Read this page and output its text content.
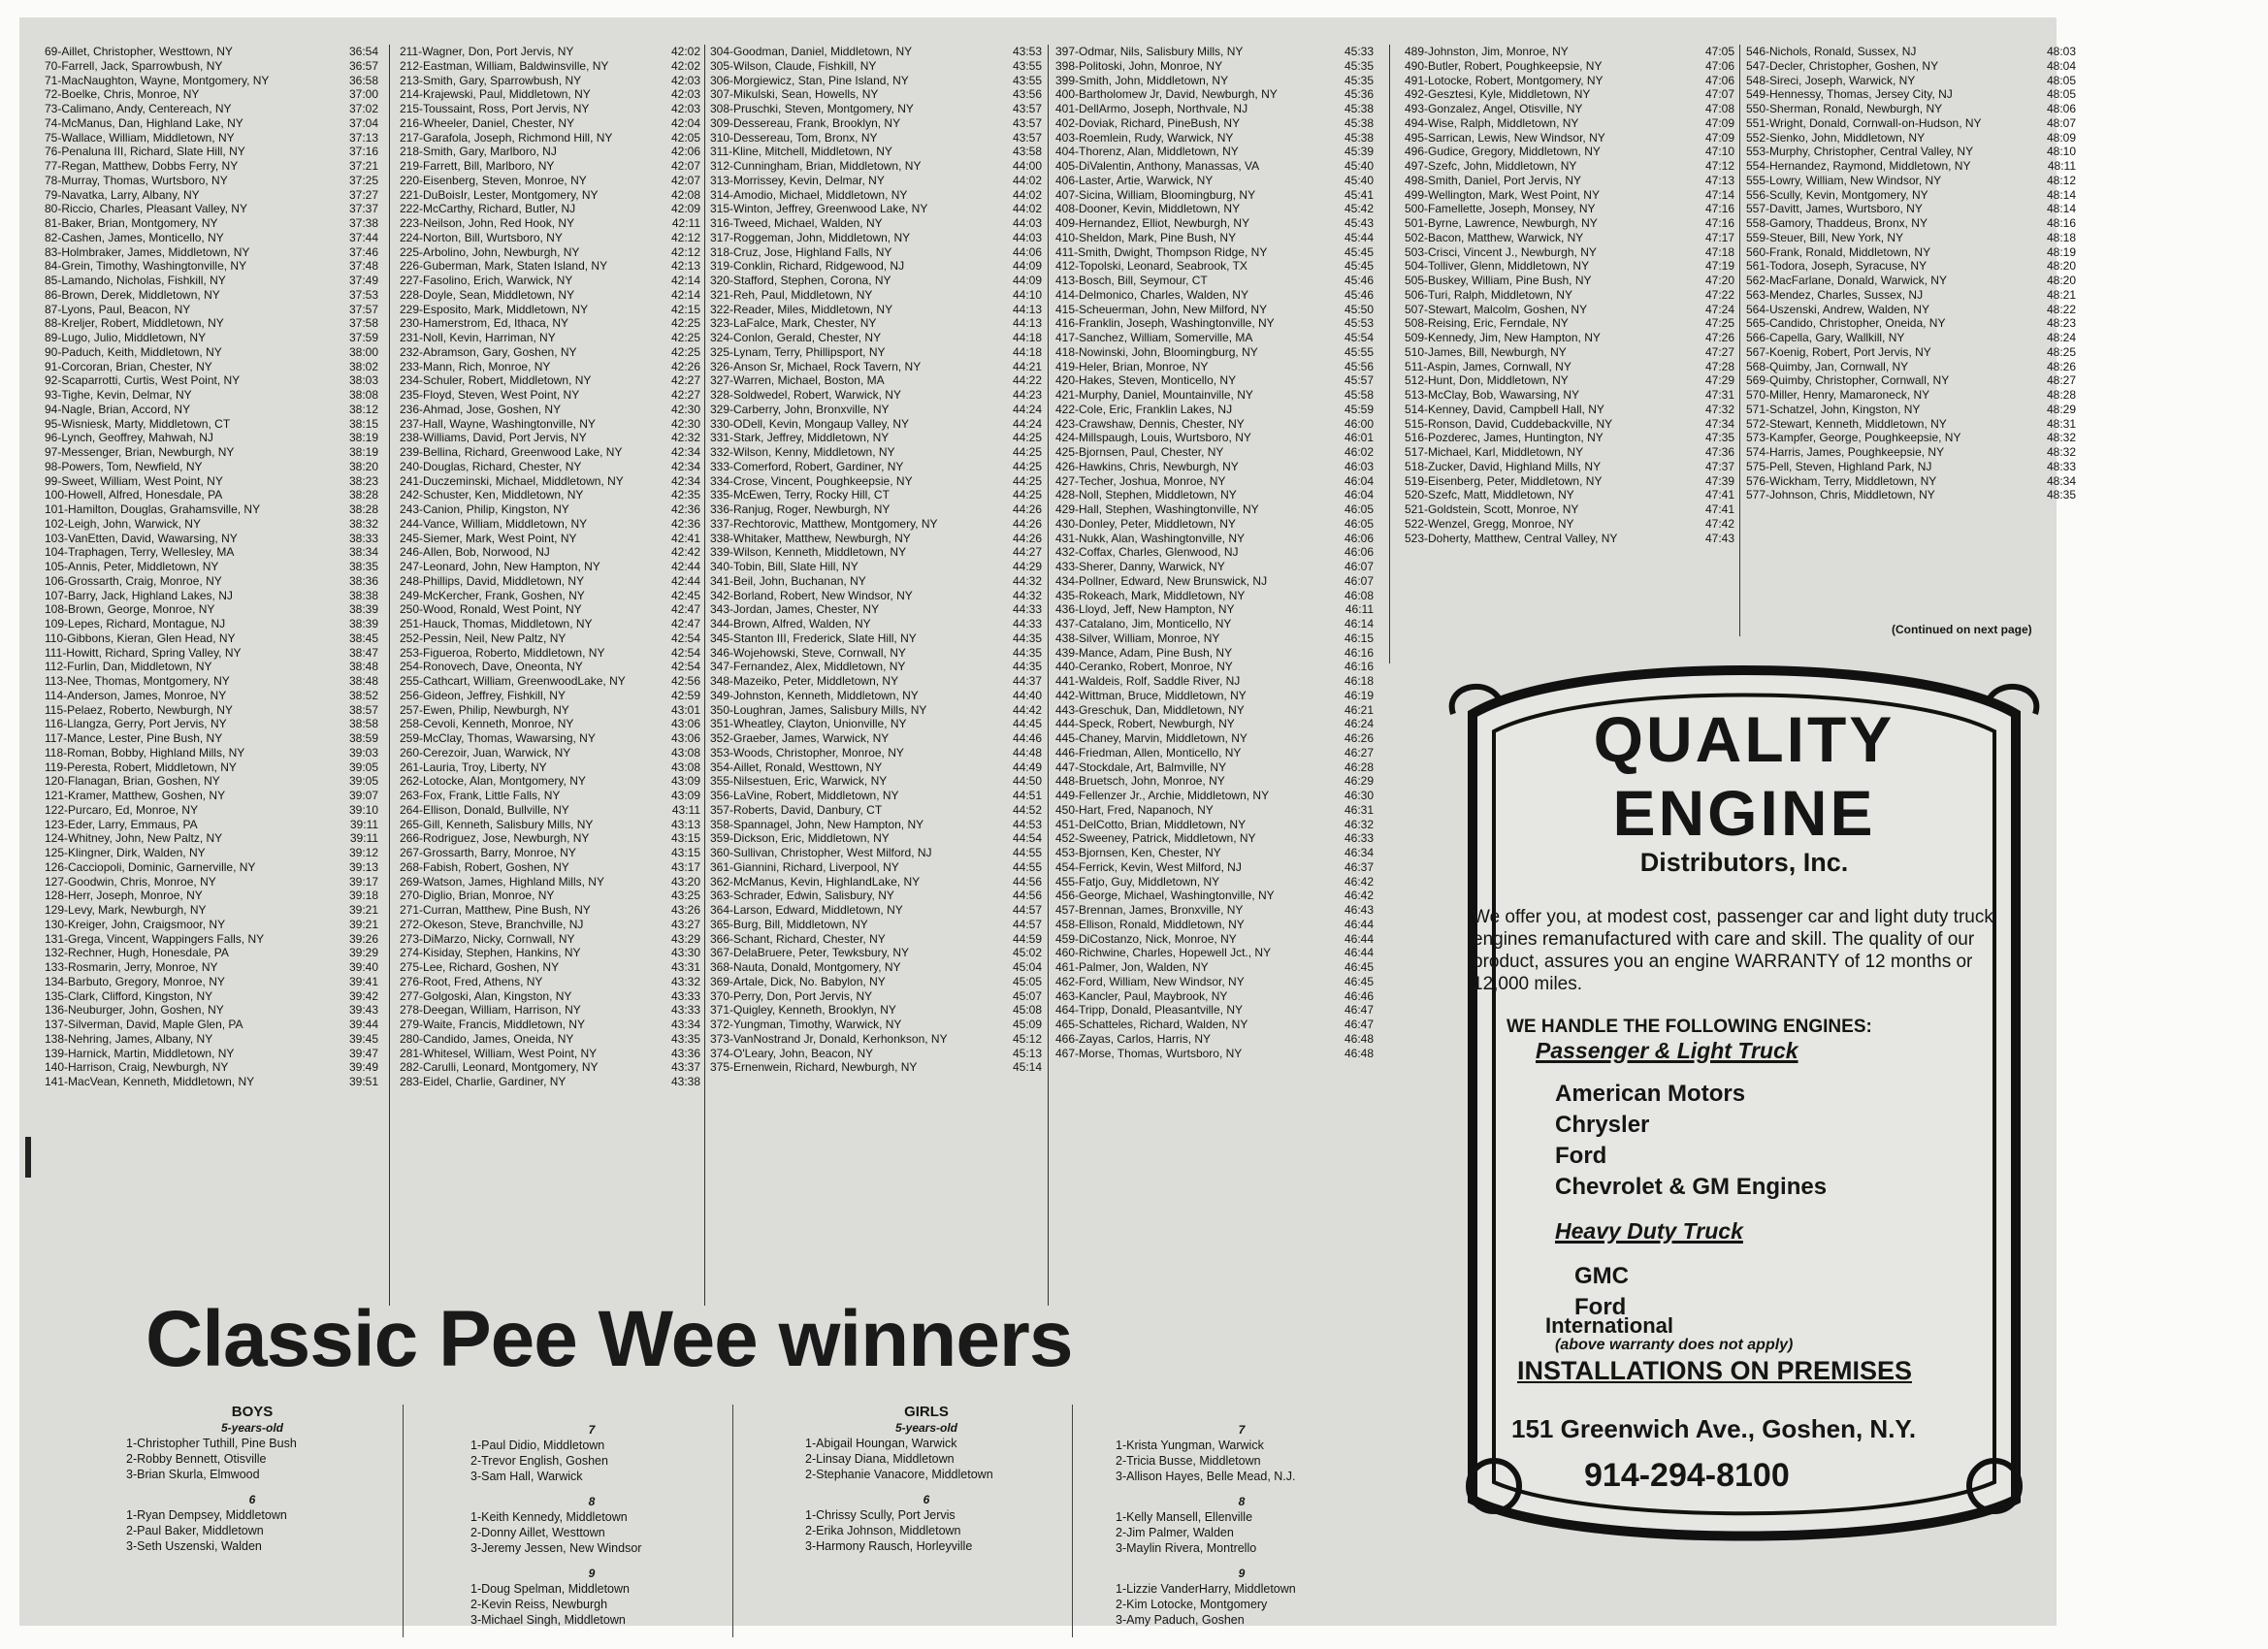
69-Aillet, Christopher, Westtown, NY	36:54
70-Farrell, Jack, Sparrowbush, NY	36:57
71-MacNaughton, Wayne, Montgomery, NY	36:58
72-Boelke, Chris, Monroe, NY	37:00
73-Calimano, Andy, Centereach, NY	37:02
74-McManus, Dan, Highland Lake, NY	37:04
75-Wallace, William, Middletown, NY	37:13
76-Penaluna III, Richard, Slate Hill, NY	37:16
77-Regan, Matthew, Dobbs Ferry, NY	37:21
78-Murray, Thomas, Wurtsboro, NY	37:25
79-Navatka, Larry, Albany, NY	37:27
80-Riccio, Charles, Pleasant Valley, NY	37:37
81-Baker, Brian, Montgomery, NY	37:38
82-Cashen, James, Monticello, NY	37:44
83-Holmbraker, James, Middletown, NY	37:46
84-Grein, Timothy, Washingtonville, NY	37:48
85-Lamando, Nicholas, Fishkill, NY	37:49
86-Brown, Derek, Middletown, NY	37:53
87-Lyons, Paul, Beacon, NY	37:57
88-Kreljer, Robert, Middletown, NY	37:58
89-Lugo, Julio, Middletown, NY	37:59
90-Paduch, Keith, Middletown, NY	38:00
91-Corcoran, Brian, Chester, NY	38:02
92-Scaparrotti, Curtis, West Point, NY	38:03
93-Tighe, Kevin, Delmar, NY	38:08
94-Nagle, Brian, Accord, NY	38:12
95-Wisniesk, Marty, Middletown, CT	38:15
96-Lynch, Geoffrey, Mahwah, NJ	38:19
97-Messenger, Brian, Newburgh, NY	38:19
98-Powers, Tom, Newfield, NY	38:20
99-Sweet, William, West Point, NY	38:23
100-Howell, Alfred, Honesdale, PA	38:28
101-Hamilton, Douglas, Grahamsville, NY	38:28
102-Leigh, John, Warwick, NY	38:32
103-VanEtten, David, Wawarsing, NY	38:33
104-Traphagen, Terry, Wellesley, MA	38:34
105-Annis, Peter, Middletown, NY	38:35
106-Grossarth, Craig, Monroe, NY	38:36
107-Barry, Jack, Highland Lakes, NJ	38:38
108-Brown, George, Monroe, NY	38:39
109-Lepes, Richard, Montague, NJ	38:39
110-Gibbons, Kieran, Glen Head, NY	38:45
111-Howitt, Richard, Spring Valley, NY	38:47
112-Furlin, Dan, Middletown, NY	38:48
113-Nee, Thomas, Montgomery, NY	38:48
114-Anderson, James, Monroe, NY	38:52
115-Pelaez, Roberto, Newburgh, NY	38:57
116-Llangza, Gerry, Port Jervis, NY	38:58
117-Mance, Lester, Pine Bush, NY	38:59
118-Roman, Bobby, Highland Mills, NY	39:03
119-Peresta, Robert, Middletown, NY	39:05
120-Flanagan, Brian, Goshen, NY	39:05
121-Kramer, Matthew, Goshen, NY	39:07
122-Purcaro, Ed, Monroe, NY	39:10
123-Eder, Larry, Emmaus, PA	39:11
124-Whitney, John, New Paltz, NY	39:11
125-Klingner, Dirk, Walden, NY	39:12
126-Cacciopoli, Dominic, Garnerville, NY	39:13
127-Goodwin, Chris, Monroe, NY	39:17
128-Herr, Joseph, Monroe, NY	39:18
129-Levy, Mark, Newburgh, NY	39:21
130-Kreiger, John, Craigsmoor, NY	39:21
131-Grega, Vincent, Wappingers Falls, NY	39:26
132-Rechner, Hugh, Honesdale, PA	39:29
133-Rosmarin, Jerry, Monroe, NY	39:40
134-Barbuto, Gregory, Monroe, NY	39:41
135-Clark, Clifford, Kingston, NY	39:42
136-Neuburger, John, Goshen, NY	39:43
137-Silverman, David, Maple Glen, PA	39:44
138-Nehring, James, Albany, NY	39:45
139-Harnick, Martin, Middletown, NY	39:47
140-Harrison, Craig, Newburgh, NY	39:49
141-MacVean, Kenneth, Middletown, NY	39:51
211-Wagner, Don, Port Jervis, NY	42:02
212-Eastman, William, Baldwinsville, NY	42:02
213-Smith, Gary, Sparrowbush, NY	42:03
214-Krajewski, Paul, Middletown, NY	42:03
215-Toussaint, Ross, Port Jervis, NY	42:03
216-Wheeler, Daniel, Chester, NY	42:04
217-Garafola, Joseph, Richmond Hill, NY	42:05
218-Smith, Gary, Marlboro, NJ	42:06
219-Farrett, Bill, Marlboro, NY	42:07
220-Eisenberg, Steven, Monroe, NY	42:07
221-DuBoisIr, Lester, Montgomery, NY	42:08
222-McCarthy, Richard, Butler, NJ	42:09
223-Neilson, John, Red Hook, NY	42:11
224-Norton, Bill, Wurtsboro, NY	42:12
225-Arbolino, John, Newburgh, NY	42:12
226-Guberman, Mark, Staten Island, NY	42:13
227-Fasolino, Erich, Warwick, NY	42:14
228-Doyle, Sean, Middletown, NY	42:14
229-Esposito, Mark, Middletown, NY	42:15
230-Hamerstrom, Ed, Ithaca, NY	42:25
231-Noll, Kevin, Harriman, NY	42:25
232-Abramson, Gary, Goshen, NY	42:25
233-Mann, Rich, Monroe, NY	42:26
234-Schuler, Robert, Middletown, NY	42:27
235-Floyd, Steven, West Point, NY	42:27
236-Ahmad, Jose, Goshen, NY	42:30
237-Hall, Wayne, Washingtonville, NY	42:30
238-Williams, David, Port Jervis, NY	42:32
239-Bellina, Richard, Greenwood Lake, NY	42:34
240-Douglas, Richard, Chester, NY	42:34
241-Duczeminski, Michael, Middletown, NY	42:34
242-Schuster, Ken, Middletown, NY	42:35
243-Canion, Philip, Kingston, NY	42:36
244-Vance, William, Middletown, NY	42:36
245-Siemer, Mark, West Point, NY	42:41
246-Allen, Bob, Norwood, NJ	42:42
247-Leonard, John, New Hampton, NY	42:44
248-Phillips, David, Middletown, NY	42:44
249-McKercher, Frank, Goshen, NY	42:45
250-Wood, Ronald, West Point, NY	42:47
251-Hauck, Thomas, Middletown, NY	42:47
252-Pessin, Neil, New Paltz, NY	42:54
253-Figueroa, Roberto, Middletown, NY	42:54
254-Ronovech, Dave, Oneonta, NY	42:54
255-Cathcart, William, GreenwoodLake, NY	42:56
256-Gideon, Jeffrey, Fishkill, NY	42:59
257-Ewen, Philip, Newburgh, NY	43:01
258-Cevoli, Kenneth, Monroe, NY	43:06
259-McClay, Thomas, Wawarsing, NY	43:06
260-Cerezoir, Juan, Warwick, NY	43:08
261-Lauria, Troy, Liberty, NY	43:08
262-Lotocke, Alan, Montgomery, NY	43:09
263-Fox, Frank, Little Falls, NY	43:09
264-Ellison, Donald, Bullville, NY	43:11
265-Gill, Kenneth, Salisbury Mills, NY	43:13
266-Rodriguez, Jose, Newburgh, NY	43:15
267-Grossarth, Barry, Monroe, NY	43:15
268-Fabish, Robert, Goshen, NY	43:17
269-Watson, James, Highland Mills, NY	43:20
270-Diglio, Brian, Monroe, NY	43:25
271-Curran, Matthew, Pine Bush, NY	43:26
272-Okeson, Steve, Branchville, NJ	43:27
273-DiMarzo, Nicky, Cornwall, NY	43:29
274-Kisiday, Stephen, Hankins, NY	43:30
275-Lee, Richard, Goshen, NY	43:31
276-Root, Fred, Athens, NY	43:32
277-Golgoski, Alan, Kingston, NY	43:33
278-Deegan, William, Harrison, NY	43:33
279-Waite, Francis, Middletown, NY	43:34
280-Candido, James, Oneida, NY	43:35
281-Whitesel, William, West Point, NY	43:36
282-Carulli, Leonard, Montgomery, NY	43:37
283-Eidel, Charlie, Gardiner, NY	43:38
304-Goodman, Daniel, Middletown, NY	43:53
305-Wilson, Claude, Fishkill, NY	43:55
306-Morgiewicz, Stan, Pine Island, NY	43:55
307-Mikulski, Sean, Howells, NY	43:56
308-Pruschki, Steven, Montgomery, NY	43:57
309-Dessereau, Frank, Brooklyn, NY	43:57
310-Dessereau, Tom, Bronx, NY	43:57
311-Kline, Mitchell, Middletown, NY	43:58
312-Cunningham, Brian, Middletown, NY	44:00
313-Morrissey, Kevin, Delmar, NY	44:02
314-Amodio, Michael, Middletown, NY	44:02
315-Winton, Jeffrey, Greenwood Lake, NY	44:02
316-Tweed, Michael, Walden, NY	44:03
317-Roggeman, John, Middletown, NY	44:03
318-Cruz, Jose, Highland Falls, NY	44:06
319-Conklin, Richard, Ridgewood, NJ	44:09
320-Stafford, Stephen, Corona, NY	44:09
321-Reh, Paul, Middletown, NY	44:10
322-Reader, Miles, Middletown, NY	44:13
323-LaFalce, Mark, Chester, NY	44:13
324-Conlon, Gerald, Chester, NY	44:18
325-Lynam, Terry, Phillipsport, NY	44:18
326-Anson Sr, Michael, Rock Tavern, NY	44:21
327-Warren, Michael, Boston, MA	44:22
328-Soldwedel, Robert, Warwick, NY	44:23
329-Carberry, John, Bronxville, NY	44:24
330-ODell, Kevin, Mongaup Valley, NY	44:24
331-Stark, Jeffrey, Middletown, NY	44:25
332-Wilson, Kenny, Middletown, NY	44:25
333-Comerford, Robert, Gardiner, NY	44:25
334-Crose, Vincent, Poughkeepsie, NY	44:25
335-McEwen, Terry, Rocky Hill, CT	44:25
336-Ranjug, Roger, Newburgh, NY	44:26
337-Rechtorovic, Matthew, Montgomery, NY	44:26
338-Whitaker, Matthew, Newburgh, NY	44:26
339-Wilson, Kenneth, Middletown, NY	44:27
340-Tobin, Bill, Slate Hill, NY	44:29
341-Beil, John, Buchanan, NY	44:32
342-Borland, Robert, New Windsor, NY	44:32
343-Jordan, James, Chester, NY	44:33
344-Brown, Alfred, Walden, NY	44:33
345-Stanton III, Frederick, Slate Hill, NY	44:35
346-Wojehowski, Steve, Cornwall, NY	44:35
347-Fernandez, Alex, Middletown, NY	44:35
348-Mazeiko, Peter, Middletown, NY	44:37
349-Johnston, Kenneth, Middletown, NY	44:40
350-Loughran, James, Salisbury Mills, NY	44:42
351-Wheatley, Clayton, Unionville, NY	44:45
352-Graeber, James, Warwick, NY	44:46
353-Woods, Christopher, Monroe, NY	44:48
354-Aillet, Ronald, Westtown, NY	44:49
355-Nilsestuen, Eric, Warwick, NY	44:50
356-LaVine, Robert, Middletown, NY	44:51
357-Roberts, David, Danbury, CT	44:52
358-Spannagel, John, New Hampton, NY	44:53
359-Dickson, Eric, Middletown, NY	44:54
360-Sullivan, Christopher, West Milford, NJ	44:55
361-Giannini, Richard, Liverpool, NY	44:55
362-McManus, Kevin, HighlandLake, NY	44:56
363-Schrader, Edwin, Salisbury, NY	44:56
364-Larson, Edward, Middletown, NY	44:57
365-Burg, Bill, Middletown, NY	44:57
366-Schant, Richard, Chester, NY	44:59
367-DelaBruere, Peter, Tewksbury, NY	45:02
368-Nauta, Donald, Montgomery, NY	45:04
369-Artale, Dick, No. Babylon, NY	45:05
370-Perry, Don, Port Jervis, NY	45:07
371-Quigley, Kenneth, Brooklyn, NY	45:08
372-Yungman, Timothy, Warwick, NY	45:09
373-VanNostrand Jr, Donald, Kerhonkson, NY	45:12
374-O'Leary, John, Beacon, NY	45:13
375-Ernenwein, Richard, Newburgh, NY	45:14
397-Odmar, Nils, Salisbury Mills, NY	45:33
398-Politoski, John, Monroe, NY	45:35
399-Smith, John, Middletown, NY	45:35
400-Bartholomew Jr, David, Newburgh, NY	45:36
401-DellArmo, Joseph, Northvale, NJ	45:38
402-Doviak, Richard, PineBush, NY	45:38
403-Roemlein, Rudy, Warwick, NY	45:38
404-Thorenz, Alan, Middletown, NY	45:39
405-DiValentin, Anthony, Manassas, VA	45:40
406-Laster, Artie, Warwick, NY	45:40
407-Sicina, William, Bloomingburg, NY	45:41
408-Dooner, Kevin, Middletown, NY	45:42
409-Hernandez, Elliot, Newburgh, NY	45:43
410-Sheldon, Mark, Pine Bush, NY	45:44
411-Smith, Dwight, Thompson Ridge, NY	45:45
412-Topolski, Leonard, Seabrook, TX	45:45
413-Bosch, Bill, Seymour, CT	45:46
414-Delmonico, Charles, Walden, NY	45:46
415-Scheuerman, John, New Milford, NY	45:50
416-Franklin, Joseph, Washingtonville, NY	45:53
417-Sanchez, William, Somerville, MA	45:54
418-Nowinski, John, Bloomingburg, NY	45:55
419-Heler, Brian, Monroe, NY	45:56
420-Hakes, Steven, Monticello, NY	45:57
421-Murphy, Daniel, Mountainville, NY	45:58
422-Cole, Eric, Franklin Lakes, NJ	45:59
423-Crawshaw, Dennis, Chester, NY	46:00
424-Millspaugh, Louis, Wurtsboro, NY	46:01
425-Bjornsen, Paul, Chester, NY	46:02
426-Hawkins, Chris, Newburgh, NY	46:03
427-Techer, Joshua, Monroe, NY	46:04
428-Noll, Stephen, Middletown, NY	46:04
429-Hall, Stephen, Washingtonville, NY	46:05
430-Donley, Peter, Middletown, NY	46:05
431-Nukk, Alan, Washingtonville, NY	46:06
432-Coffax, Charles, Glenwood, NJ	46:06
433-Sherer, Danny, Warwick, NY	46:07
434-Pollner, Edward, New Brunswick, NJ	46:07
435-Rokeach, Mark, Middletown, NY	46:08
436-Lloyd, Jeff, New Hampton, NY	46:11
437-Catalano, Jim, Monticello, NY	46:14
438-Silver, William, Monroe, NY	46:15
439-Mance, Adam, Pine Bush, NY	46:16
440-Ceranko, Robert, Monroe, NY	46:16
441-Waldeis, Rolf, Saddle River, NJ	46:18
442-Wittman, Bruce, Middletown, NY	46:19
443-Greschuk, Dan, Middletown, NY	46:21
444-Speck, Robert, Newburgh, NY	46:24
445-Chaney, Marvin, Middletown, NY	46:26
446-Friedman, Allen, Monticello, NY	46:27
447-Stockdale, Art, Balmville, NY	46:28
448-Bruetsch, John, Monroe, NY	46:29
449-Fellenzer Jr., Archie, Middletown, NY	46:30
450-Hart, Fred, Napanoch, NY	46:31
451-DelCotto, Brian, Middletown, NY	46:32
452-Sweeney, Patrick, Middletown, NY	46:33
453-Bjornsen, Ken, Chester, NY	46:34
454-Ferrick, Kevin, West Milford, NJ	46:37
455-Fatjo, Guy, Middletown, NY	46:42
456-George, Michael, Washingtonville, NY	46:42
457-Brennan, James, Bronxville, NY	46:43
458-Ellison, Ronald, Middletown, NY	46:44
459-DiCostanzo, Nick, Monroe, NY	46:44
460-Richwine, Charles, Hopewell Jct., NY	46:44
461-Palmer, Jon, Walden, NY	46:45
462-Ford, William, New Windsor, NY	46:45
463-Kancler, Paul, Maybrook, NY	46:46
464-Tripp, Donald, Pleasantville, NY	46:47
465-Schatteles, Richard, Walden, NY	46:47
466-Zayas, Carlos, Harris, NY	46:48
467-Morse, Thomas, Wurtsboro, NY	46:48
489-Johnston, Jim, Monroe, NY	47:05
490-Butler, Robert, Poughkeepsie, NY	47:06
491-Lotocke, Robert, Montgomery, NY	47:06
492-Gesztesi, Kyle, Middletown, NY	47:07
493-Gonzalez, Angel, Otisville, NY	47:08
494-Wise, Ralph, Middletown, NY	47:09
495-Sarrican, Lewis, New Windsor, NY	47:09
496-Gudice, Gregory, Middletown, NY	47:10
497-Szefc, John, Middletown, NY	47:12
498-Smith, Daniel, Port Jervis, NY	47:13
499-Wellington, Mark, West Point, NY	47:14
500-Famellette, Joseph, Monsey, NY	47:16
501-Byrne, Lawrence, Newburgh, NY	47:16
502-Bacon, Matthew, Warwick, NY	47:17
503-Crisci, Vincent J., Newburgh, NY	47:18
504-Tolliver, Glenn, Middletown, NY	47:19
505-Buskey, William, Pine Bush, NY	47:20
506-Turi, Ralph, Middletown, NY	47:22
507-Stewart, Malcolm, Goshen, NY	47:24
508-Reising, Eric, Ferndale, NY	47:25
509-Kennedy, Jim, New Hampton, NY	47:26
510-James, Bill, Newburgh, NY	47:27
511-Aspin, James, Cornwall, NY	47:28
512-Hunt, Don, Middletown, NY	47:29
513-McClay, Bob, Wawarsing, NY	47:31
514-Kenney, David, Campbell Hall, NY	47:32
515-Ronson, David, Cuddebackville, NY	47:34
516-Pozderec, James, Huntington, NY	47:35
517-Michael, Karl, Middletown, NY	47:36
518-Zucker, David, Highland Mills, NY	47:37
519-Eisenberg, Peter, Middletown, NY	47:39
520-Szefc, Matt, Middletown, NY	47:41
521-Goldstein, Scott, Monroe, NY	47:41
522-Wenzel, Gregg, Monroe, NY	47:42
523-Doherty, Matthew, Central Valley, NY	47:43
546-Nichols, Ronald, Sussex, NJ	48:03
547-Decler, Christopher, Goshen, NY	48:04
548-Sireci, Joseph, Warwick, NY	48:05
549-Hennessy, Thomas, Jersey City, NJ	48:05
550-Sherman, Ronald, Newburgh, NY	48:06
551-Wright, Donald, Cornwall-on-Hudson, NY	48:07
552-Sienko, John, Middletown, NY	48:09
553-Murphy, Christopher, Central Valley, NY	48:10
554-Hernandez, Raymond, Middletown, NY	48:11
555-Lowry, William, New Windsor, NY	48:12
556-Scully, Kevin, Montgomery, NY	48:14
557-Davitt, James, Wurtsboro, NY	48:14
558-Gamory, Thaddeus, Bronx, NY	48:16
559-Steuer, Bill, New York, NY	48:18
560-Frank, Ronald, Middletown, NY	48:19
561-Todora, Joseph, Syracuse, NY	48:20
562-MacFarlane, Donald, Warwick, NY	48:20
563-Mendez, Charles, Sussex, NJ	48:21
564-Uszenski, Andrew, Walden, NY	48:22
565-Candido, Christopher, Oneida, NY	48:23
566-Capella, Gary, Wallkill, NY	48:24
567-Koenig, Robert, Port Jervis, NY	48:25
568-Quimby, Jan, Cornwall, NY	48:26
569-Quimby, Christopher, Cornwall, NY	48:27
570-Miller, Henry, Mamaroneck, NY	48:28
571-Schatzel, John, Kingston, NY	48:29
572-Stewart, Kenneth, Middletown, NY	48:31
573-Kampfer, George, Poughkeepsie, NY	48:32
574-Harris, James, Poughkeepsie, NY	48:32
575-Pell, Steven, Highland Park, NJ	48:33
576-Wickham, Terry, Middletown, NY	48:34
577-Johnson, Chris, Middletown, NY	48:35
(Continued on next page)
Classic Pee Wee winners
BOYS
5-years-old
1-Christopher Tuthill, Pine Bush
2-Robby Bennett, Otisville
3-Brian Skurla, Elmwood
6
1-Ryan Dempsey, Middletown
2-Paul Baker, Middletown
3-Seth Uszenski, Walden
7
1-Paul Didio, Middletown
2-Trevor English, Goshen
3-Sam Hall, Warwick
8
1-Keith Kennedy, Middletown
2-Donny Aillet, Westtown
3-Jeremy Jessen, New Windsor
9
1-Doug Spelman, Middletown
2-Kevin Reiss, Newburgh
3-Michael Singh, Middletown
GIRLS
5-years-old
1-Abigail Houngan, Warwick
2-Linsay Diana, Middletown
2-Stephanie Vanacore, Middletown
6
1-Chrissy Scully, Port Jervis
2-Erika Johnson, Middletown
3-Harmony Rausch, Horleyville
7
1-Krista Yungman, Warwick
2-Tricia Busse, Middletown
3-Allison Hayes, Belle Mead, N.J.
8
1-Kelly Mansell, Ellenville
2-Jim Palmer, Walden
3-Maylin Rivera, Montrello
9
1-Lizzie VanderHarry, Middletown
2-Kim Lotocke, Montgomery
3-Amy Paduch, Goshen
QUALITY
ENGINE
Distributors, Inc.
We offer you, at modest cost, passenger car and light duty truck engines remanufactured with care and skill. The quality of our product, assures you an engine WARRANTY of 12 months or 12,000 miles.
WE HANDLE THE FOLLOWING ENGINES:
Passenger & Light Truck
American Motors
Chrysler
Ford
Chevrolet & GM Engines
Heavy Duty Truck
GMC
Ford
International
(above warranty does not apply)
INSTALLATIONS ON PREMISES
151 Greenwich Ave., Goshen, N.Y.
914-294-8100
